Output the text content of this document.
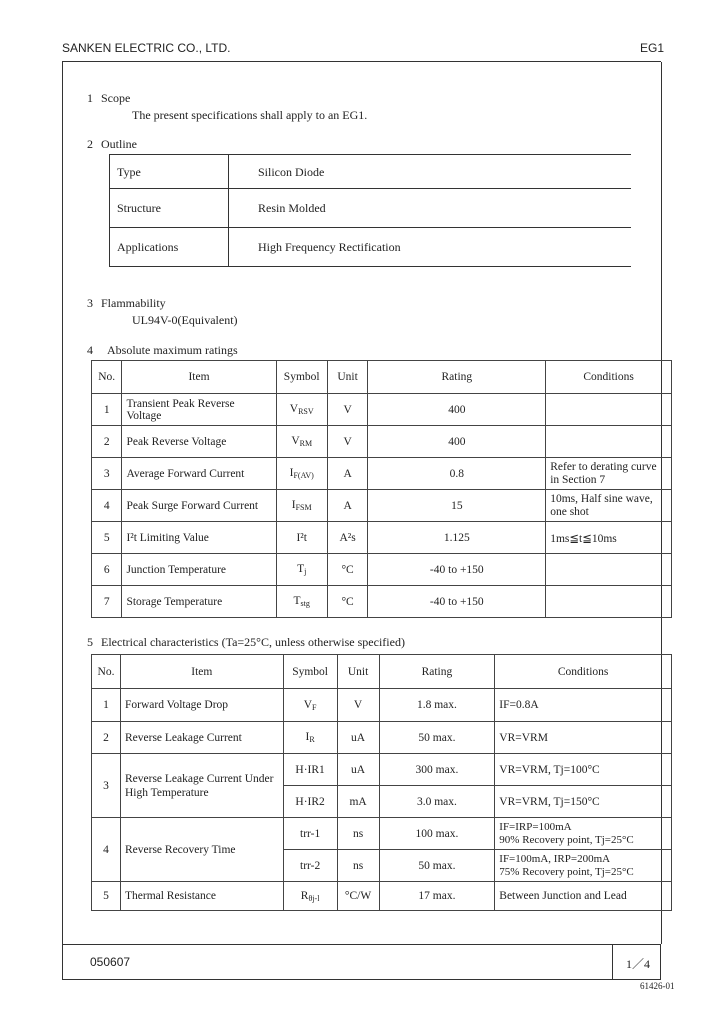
SANKEN ELECTRIC CO., LTD.	EG1
1 Scope
The present specifications shall apply to an EG1.
2 Outline
Type	Silicon Diode
Structure	Resin Molded
Applications	High Frequency Rectification
3 Flammability
UL94V-0(Equivalent)
4 Absolute maximum ratings
No.	Item	Symbol	Unit	Rating	Conditions
1	Transient Peak Reverse Voltage	$V_{RSV}$	V	400	
2	Peak Reverse Voltage	$V_{RM}$	V	400	
3	Average Forward Current	$I_{F(AV)}$	A	0.8	Refer to derating curve in Section 7
4	Peak Surge Forward Current	$I_{FSM}$	A	15	10ms, Half sine wave, one shot
5	I²t Limiting Value	I²t	A²s	1.125	1ms≦t≦10ms
6	Junction Temperature	$T_j$	°C	-40 to +150	
7	Storage Temperature	$T_{stg}$	°C	-40 to +150	
5 Electrical characteristics (Ta=25°C, unless otherwise specified)
No.	Item	Symbol	Unit	Rating	Conditions
1	Forward Voltage Drop	$V_F$	V	1.8 max.	IF=0.8A
2	Reverse Leakage Current	$I_R$	uA	50 max.	VR=VRM
3	Reverse Leakage Current Under High Temperature	H·IR1	uA	300 max.	VR=VRM, Tj=100°C
		H·IR2	mA	3.0 max.	VR=VRM, Tj=150°C
4	Reverse Recovery Time	trr-1	ns	100 max.	IF=IRP=100mA
90% Recovery point, Tj=25°C

		trr-2	ns	50 max.	IF=100mA, IRP=200mA
75% Recovery point, Tj=25°C

5	Thermal Resistance	$R_{\theta j-l}$	°C/W	17 max.	Between Junction and Lead
050607	1／4
61426-01
